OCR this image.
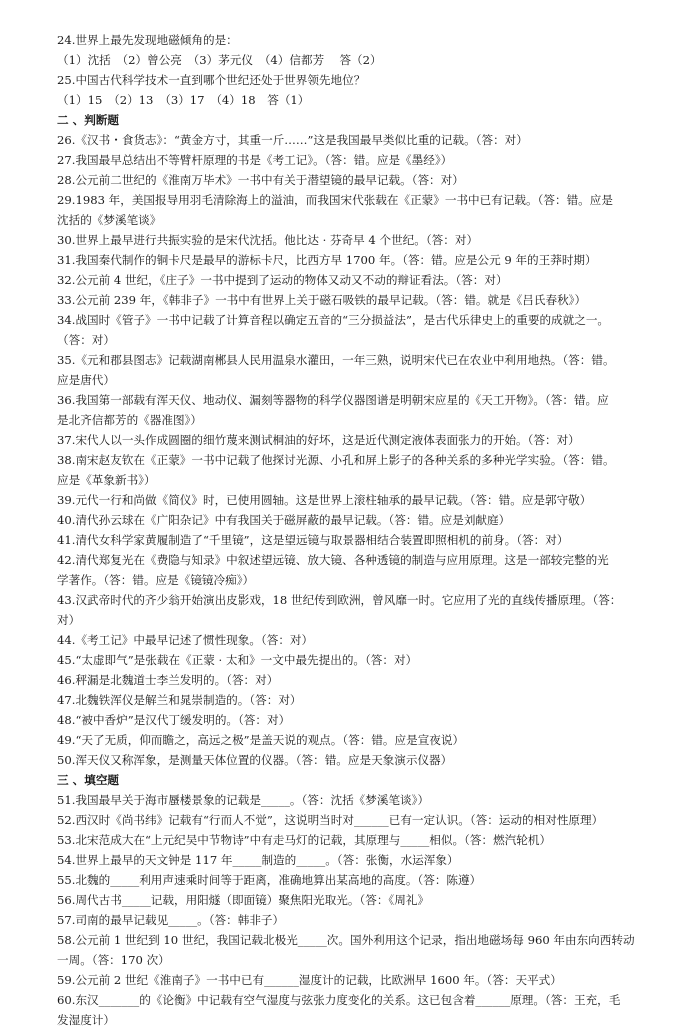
24.世界上最先发现地磁倾角的是：
（1）沈括　（2）曾公亮　（3）茅元仪　（4）信都芳　 答（2）
25.中国古代科学技术一直到哪个世纪还处于世界领先地位？
（1）15　（2）13　（3）17　（4）18　答（1）
二 、判断题
26.《汉书・食货志》：“黄金方寸，其重一斤……”这是我国最早类似比重的记载。（答：对）
27.我国最早总结出不等臂杆原理的书是《考工记》。（答：错。应是《墨经》）
28.公元前二世纪的《淮南万毕术》一书中有关于潜望镜的最早记载。（答：对）
29.1983 年，美国报导用羽毛清除海上的溢油，而我国宋代张载在《正蒙》一书中已有记载。（答：错。应是
沈括的《梦溪笔谈》
30.世界上最早进行共振实验的是宋代沈括。他比达 · 芬奇早 4 个世纪。（答：对）
31.我国秦代制作的铜卡尺是最早的游标卡尺，比西方早 1700 年。（答：错。应是公元 9 年的王莽时期）
32.公元前 4 世纪，《庄子》一书中提到了运动的物体又动又不动的辩证看法。（答：对）
33.公元前 239 年，《韩非子》一书中有世界上关于磁石吸铁的最早记载。（答：错。就是《吕氏春秋》）
34.战国时《管子》一书中记载了计算音程以确定五音的“三分损益法”，是古代乐律史上的重要的成就之一。
（答：对）
35.《元和郡县图志》记载湖南郴县人民用温泉水灌田，一年三熟，说明宋代已在农业中利用地热。（答：错。
应是唐代）
36.我国第一部载有浑天仪、地动仪、漏刻等器物的科学仪器图谱是明朝宋应星的《天工开物》。（答：错。应
是北齐信都芳的《器准图》）
37.宋代人以一头作成圆圈的细竹蔑来测试桐油的好坏，这是近代测定液体表面张力的开始。（答：对）
38.南宋赵友钦在《正蒙》一书中记载了他探讨光源、小孔和屏上影子的各种关系的多种光学实验。（答：错。
应是《革象新书》）
39.元代一行和尚做《简仪》时，已使用圆轴。这是世界上滚柱轴承的最早记载。（答：错。应是郭守敬）
40.清代孙云球在《广阳杂记》中有我国关于磁屏蔽的最早记载。（答：错。应是刘献庭）
41.清代女科学家黄履制造了“千里镜”，这是望远镜与取景器相结合装置即照相机的前身。（答：对）
42.清代郑复光在《费隐与知录》中叙述望远镜、放大镜、各种透镜的制造与应用原理。这是一部较完整的光
学著作。（答：错。应是《镜镜冷痴》）
43.汉武帝时代的齐少翁开始演出皮影戏，18 世纪传到欧洲，曾风靡一时。它应用了光的直线传播原理。（答：
对）
44.《考工记》中最早记述了惯性现象。（答：对）
45.“太虚即气”是张载在《正蒙 · 太和》一文中最先提出的。（答：对）
46.秤漏是北魏道士李兰发明的。（答：对）
47.北魏铁浑仪是解兰和晁崇制造的。（答：对）
48.“被中香炉”是汉代丁缓发明的。（答：对）
49.“天了无质，仰而瞻之，高远之极”是盖天说的观点。（答：错。应是宣夜说）
50.浑天仪又称浑象，是测量天体位置的仪器。（答：错。应是天象演示仪器）
三 、填空题
51.我国最早关于海市蜃楼景象的记载是_____。（答：沈括《梦溪笔谈》）
52.西汉时《尚书纬》记载有“行而人不觉”，这说明当时对______已有一定认识。（答：运动的相对性原理）
53.北宋范成大在“上元纪吴中节物诗”中有走马灯的记载，其原理与_____相似。（答：燃汽轮机）
54.世界上最早的天文钟是 117 年_____制造的_____。（答：张衡，水运浑象）
55.北魏的_____利用声速乘时间等于距离，准确地算出某高地的高度。（答：陈遵）
56.周代古书_____记载，用阳燧（即面镜）聚焦阳光取光。（答：《周礼》
57.司南的最早记载见_____。（答：韩非子）
58.公元前 1 世纪到 10 世纪，我国记载北极光_____次。国外利用这个记录，指出地磁场每 960 年由东向西转动
一周。（答：170 次）
59.公元前 2 世纪《淮南子》一书中已有______湿度计的记载，比欧洲早 1600 年。（答：天平式）
60.东汉_______的《论衡》中记载有空气湿度与弦张力度变化的关系。这已包含着______原理。（答：王充，毛
发湿度计）
